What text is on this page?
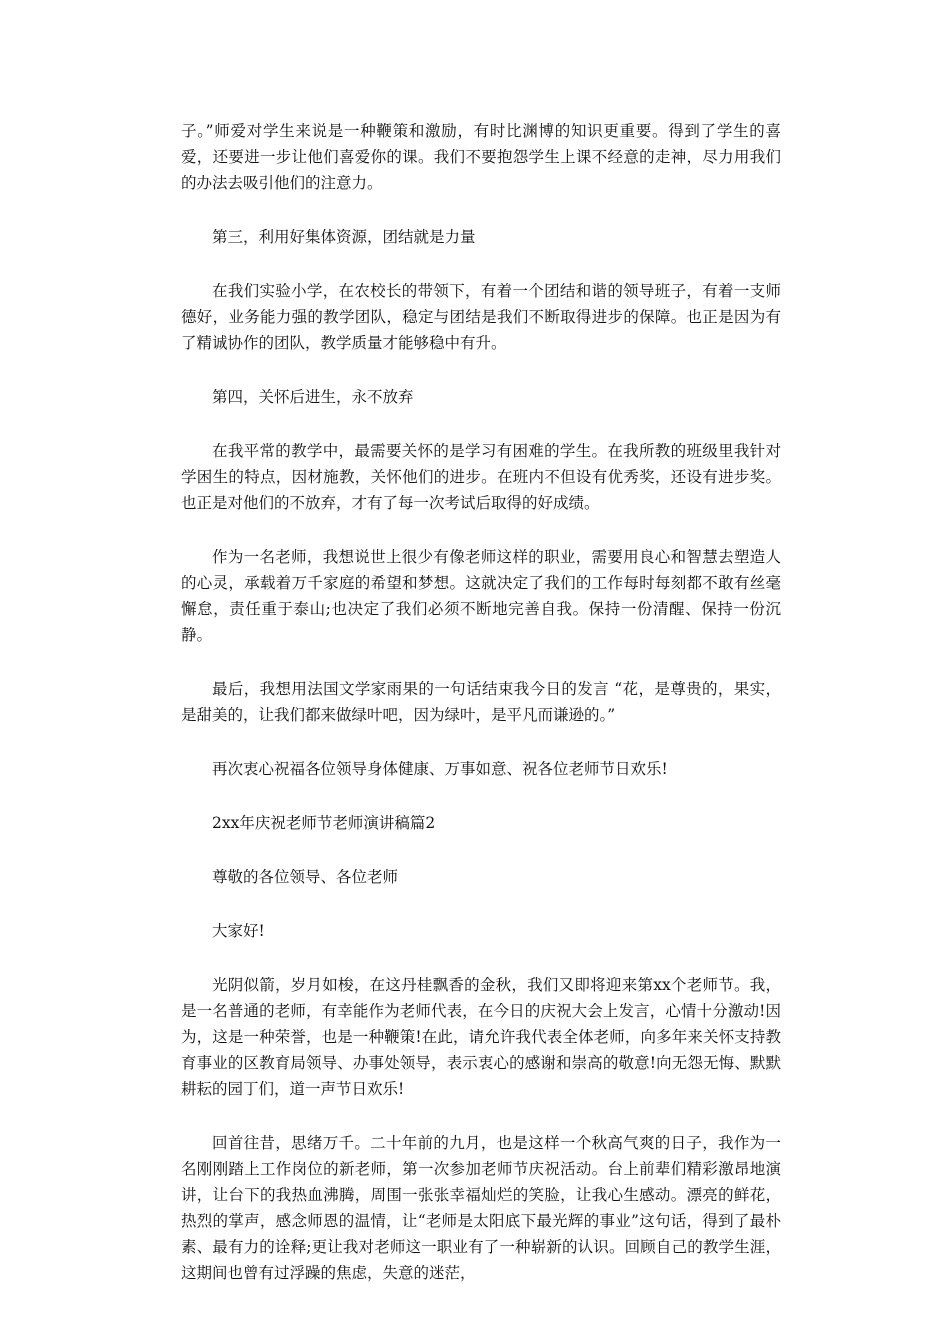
子。”师爱对学生来说是一种鞭策和激励，有时比渊博的知识更重要。得到了学生的喜爱，还要进一步让他们喜爱你的课。我们不要抱怨学生上课不经意的走神，尽力用我们的办法去吸引他们的注意力。

第三，利用好集体资源，团结就是力量

在我们实验小学，在农校长的带领下，有着一个团结和谐的领导班子，有着一支师德好，业务能力强的教学团队，稳定与团结是我们不断取得进步的保障。也正是因为有了精诚协作的团队，教学质量才能够稳中有升。

第四，关怀后进生，永不放弃

在我平常的教学中，最需要关怀的是学习有困难的学生。在我所教的班级里我针对学困生的特点，因材施教，关怀他们的进步。在班内不但设有优秀奖，还设有进步奖。也正是对他们的不放弃，才有了每一次考试后取得的好成绩。

作为一名老师，我想说世上很少有像老师这样的职业，需要用良心和智慧去塑造人的心灵，承载着万千家庭的希望和梦想。这就决定了我们的工作每时每刻都不敢有丝毫懈怠，责任重于泰山;也决定了我们必须不断地完善自我。保持一份清醒、保持一份沉静。

最后，我想用法国文学家雨果的一句话结束我今日的发言 “花，是尊贵的，果实，是甜美的，让我们都来做绿叶吧，因为绿叶，是平凡而谦逊的。”

再次衷心祝福各位领导身体健康、万事如意、祝各位老师节日欢乐!

2xx年庆祝老师节老师演讲稿篇2

尊敬的各位领导、各位老师

大家好!

光阴似箭，岁月如梭，在这丹桂飘香的金秋，我们又即将迎来第xx个老师节。我，是一名普通的老师，有幸能作为老师代表，在今日的庆祝大会上发言，心情十分激动!因为，这是一种荣誉，也是一种鞭策!在此，请允许我代表全体老师，向多年来关怀支持教育事业的区教育局领导、办事处领导，表示衷心的感谢和崇高的敬意!向无怨无悔、默默耕耘的园丁们，道一声节日欢乐!

回首往昔，思绪万千。二十年前的九月，也是这样一个秋高气爽的日子，我作为一名刚刚踏上工作岗位的新老师，第一次参加老师节庆祝活动。台上前辈们精彩激昂地演讲，让台下的我热血沸腾，周围一张张幸福灿烂的笑脸，让我心生感动。漂亮的鲜花，热烈的掌声，感念师恩的温情，让“老师是太阳底下最光辉的事业”这句话，得到了最朴素、最有力的诠释;更让我对老师这一职业有了一种崭新的认识。回顾自己的教学生涯，这期间也曾有过浮躁的焦虑，失意的迷茫，
